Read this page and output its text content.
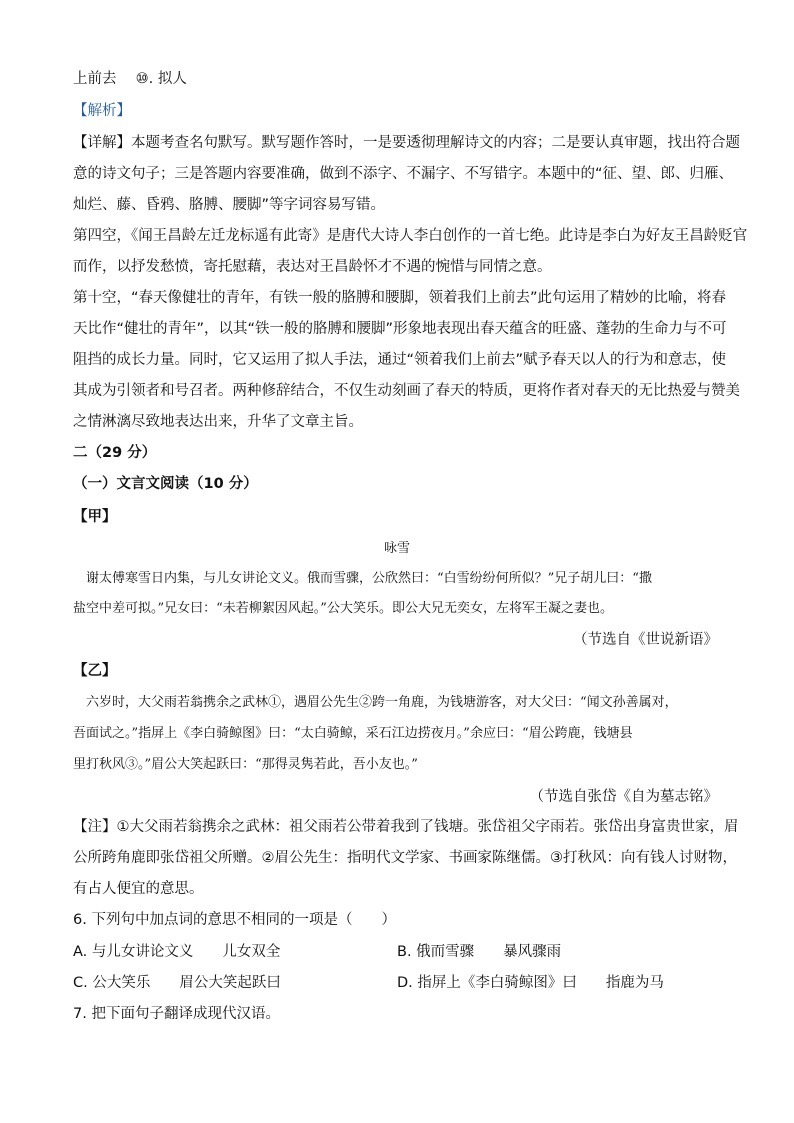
上前去　 ⑩. 拟人
【解析】
【详解】本题考查名句默写。默写题作答时，一是要透彻理解诗文的内容；二是要认真审题，找出符合题
意的诗文句子；三是答题内容要准确，做到不添字、不漏字、不写错字。本题中的“征、望、郎、归雁、
灿烂、藤、昏鸦、胳膊、腰脚”等字词容易写错。
第四空，《闻王昌龄左迁龙标遥有此寄》是唐代大诗人李白创作的一首七绝。此诗是李白为好友王昌龄贬官
而作，以抒发愁愤，寄托慰藉，表达对王昌龄怀才不遇的惋惜与同情之意。
第十空，“春天像健壮的青年，有铁一般的胳膊和腰脚，领着我们上前去”此句运用了精妙的比喻，将春
天比作“健壮的青年”，以其“铁一般的胳膊和腰脚”形象地表现出春天蕴含的旺盛、蓬勃的生命力与不可
阻挡的成长力量。同时，它又运用了拟人手法，通过“领着我们上前去”赋予春天以人的行为和意志，使
其成为引领者和号召者。两种修辞结合，不仅生动刻画了春天的特质，更将作者对春天的无比热爱与赞美
之情淋漓尽致地表达出来，升华了文章主旨。
二（29 分）
（一）文言文阅读（10 分）
【甲】
咏雪
　谢太傅寒雪日内集，与儿女讲论文义。俄而雪骤，公欣然曰：“白雪纷纷何所似？”兄子胡儿曰：“撒
盐空中差可拟。”兄女曰：“未若柳絮因风起。”公大笑乐。即公大兄无奕女，左将军王凝之妻也。
（节选自《世说新语》
【乙】
　六岁时，大父雨若翁携余之武林①，遇眉公先生②跨一角鹿，为钱塘游客，对大父曰：“闻文孙善属对，
吾面试之。”指屏上《李白骑鲸图》曰：“太白骑鲸，采石江边捞夜月。”余应曰：“眉公跨鹿，钱塘县
里打秋风③。”眉公大笑起跃曰：“那得灵隽若此，吾小友也。”
（节选自张岱《自为墓志铭》
【注】①大父雨若翁携余之武林：祖父雨若公带着我到了钱塘。张岱祖父字雨若。张岱出身富贵世家，眉
公所跨角鹿即张岱祖父所赠。②眉公先生：指明代文学家、书画家陈继儒。③打秋风：向有钱人讨财物，
有占人便宜的意思。
6. 下列句中加点词的意思不相同的一项是（　　）
A. 与儿女讲论文义　　儿女双全	B. 俄而雪骤　　暴风骤雨
C. 公大笑乐　　眉公大笑起跃曰	D. 指屏上《李白骑鲸图》曰　　指鹿为马
7. 把下面句子翻译成现代汉语。
